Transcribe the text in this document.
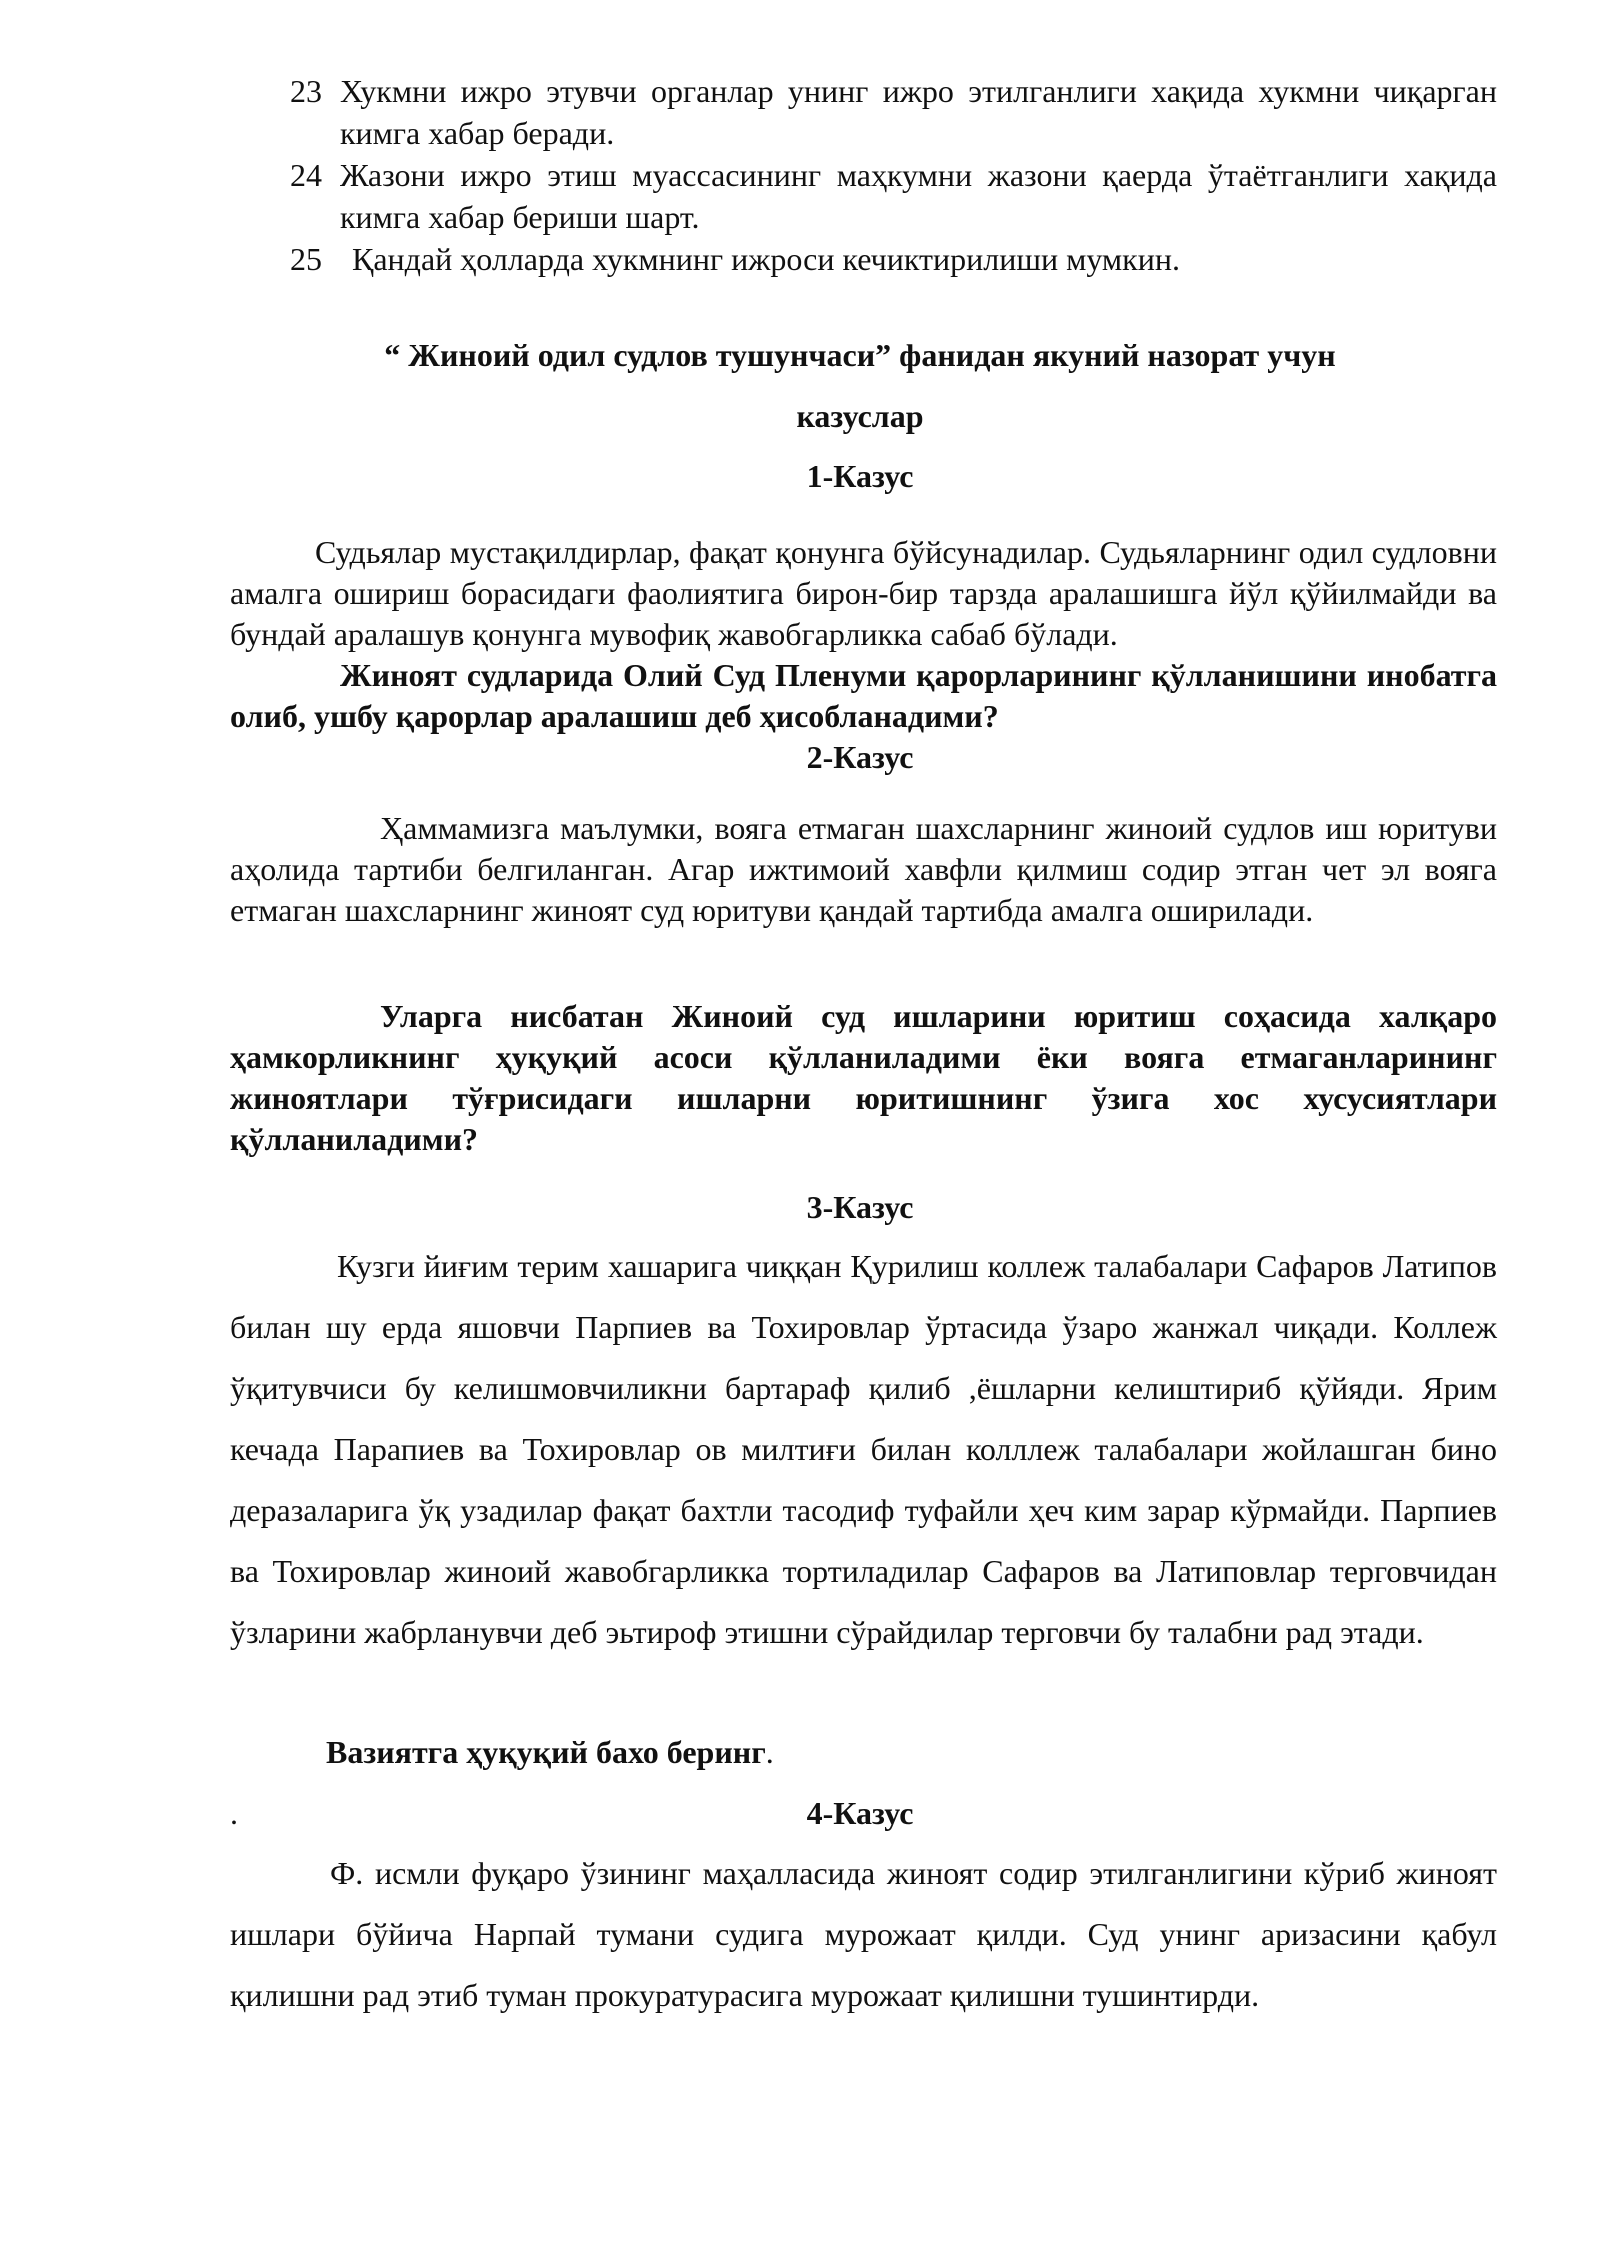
23 Хукмни ижро этувчи органлар унинг ижро этилганлиги хақида хукмни чиқарган кимга хабар беради.
24 Жазони ижро этиш муассасининг маҳкумни жазони қаерда ўтаётганлиги хақида кимга хабар бериши шарт.
25 Қандай ҳолларда хукмнинг ижроси кечиктирилиши мумкин.
“ Жиноий одил судлов тушунчаси” фанидан якуний назорат учун
казуслар
1-Казус
Судьялар мустақилдирлар, фақат қонунга бўйсунадилар. Судьяларнинг одил судловни амалга ошириш борасидаги фаолиятига бирон-бир тарзда аралашишга йўл қўйилмайди ва бундай аралашув қонунга мувофиқ жавобгарликка сабаб бўлади.
Жиноят судларида Олий Суд Пленуми қарорларининг қўлланишини инобатга олиб, ушбу қарорлар аралашиш деб ҳисобланадими?
2-Казус
Ҳаммамизга маълумки, вояга етмаган шахсларнинг жиноий судлов иш юритуви аҳолида тартиби белгиланган. Агар ижтимоий хавфли қилмиш содир этган чет эл вояга етмаган шахсларнинг жиноят суд юритуви қандай тартибда амалга оширилади.
Уларга нисбатан Жиноий суд ишларини юритиш соҳасида халқаро ҳамкорликнинг ҳуқуқий асоси қўлланиладими ёки вояга етмаганларининг жиноятлари тўғрисидаги ишларни юритишнинг ўзига хос хусусиятлари қўлланиладими?
3-Казус
Кузги йиғим терим хашарига чиққан Қурилиш коллеж талабалари Сафаров Латипов билан шу ерда яшовчи Парпиев ва Тохировлар ўртасида ўзаро жанжал чиқади. Коллеж ўқитувчиси бу келишмовчиликни бартараф қилиб ,ёшларни келиштириб қўйяди. Ярим кечада Парапиев ва Тохировлар ов милтиғи билан колллеж талабалари жойлашган бино деразаларига ўқ узадилар фақат бахтли тасодиф туфайли ҳеч ким зарар кўрмайди. Парпиев ва Тохировлар жиноий жавобгарликка тортиладилар Сафаров ва Латиповлар терговчидан ўзларини жабрланувчи деб эьтироф этишни сўрайдилар терговчи бу талабни рад этади.
Вазиятга ҳуқуқий бахо беринг.
.	4-Казус
Ф. исмли фуқаро ўзининг маҳалласида жиноят содир этилганлигини кўриб жиноят ишлари бўйича Нарпай тумани судига мурожаат қилди. Суд унинг аризасини қабул қилишни рад этиб туман прокуратурасига мурожаат қилишни тушинтирди.
